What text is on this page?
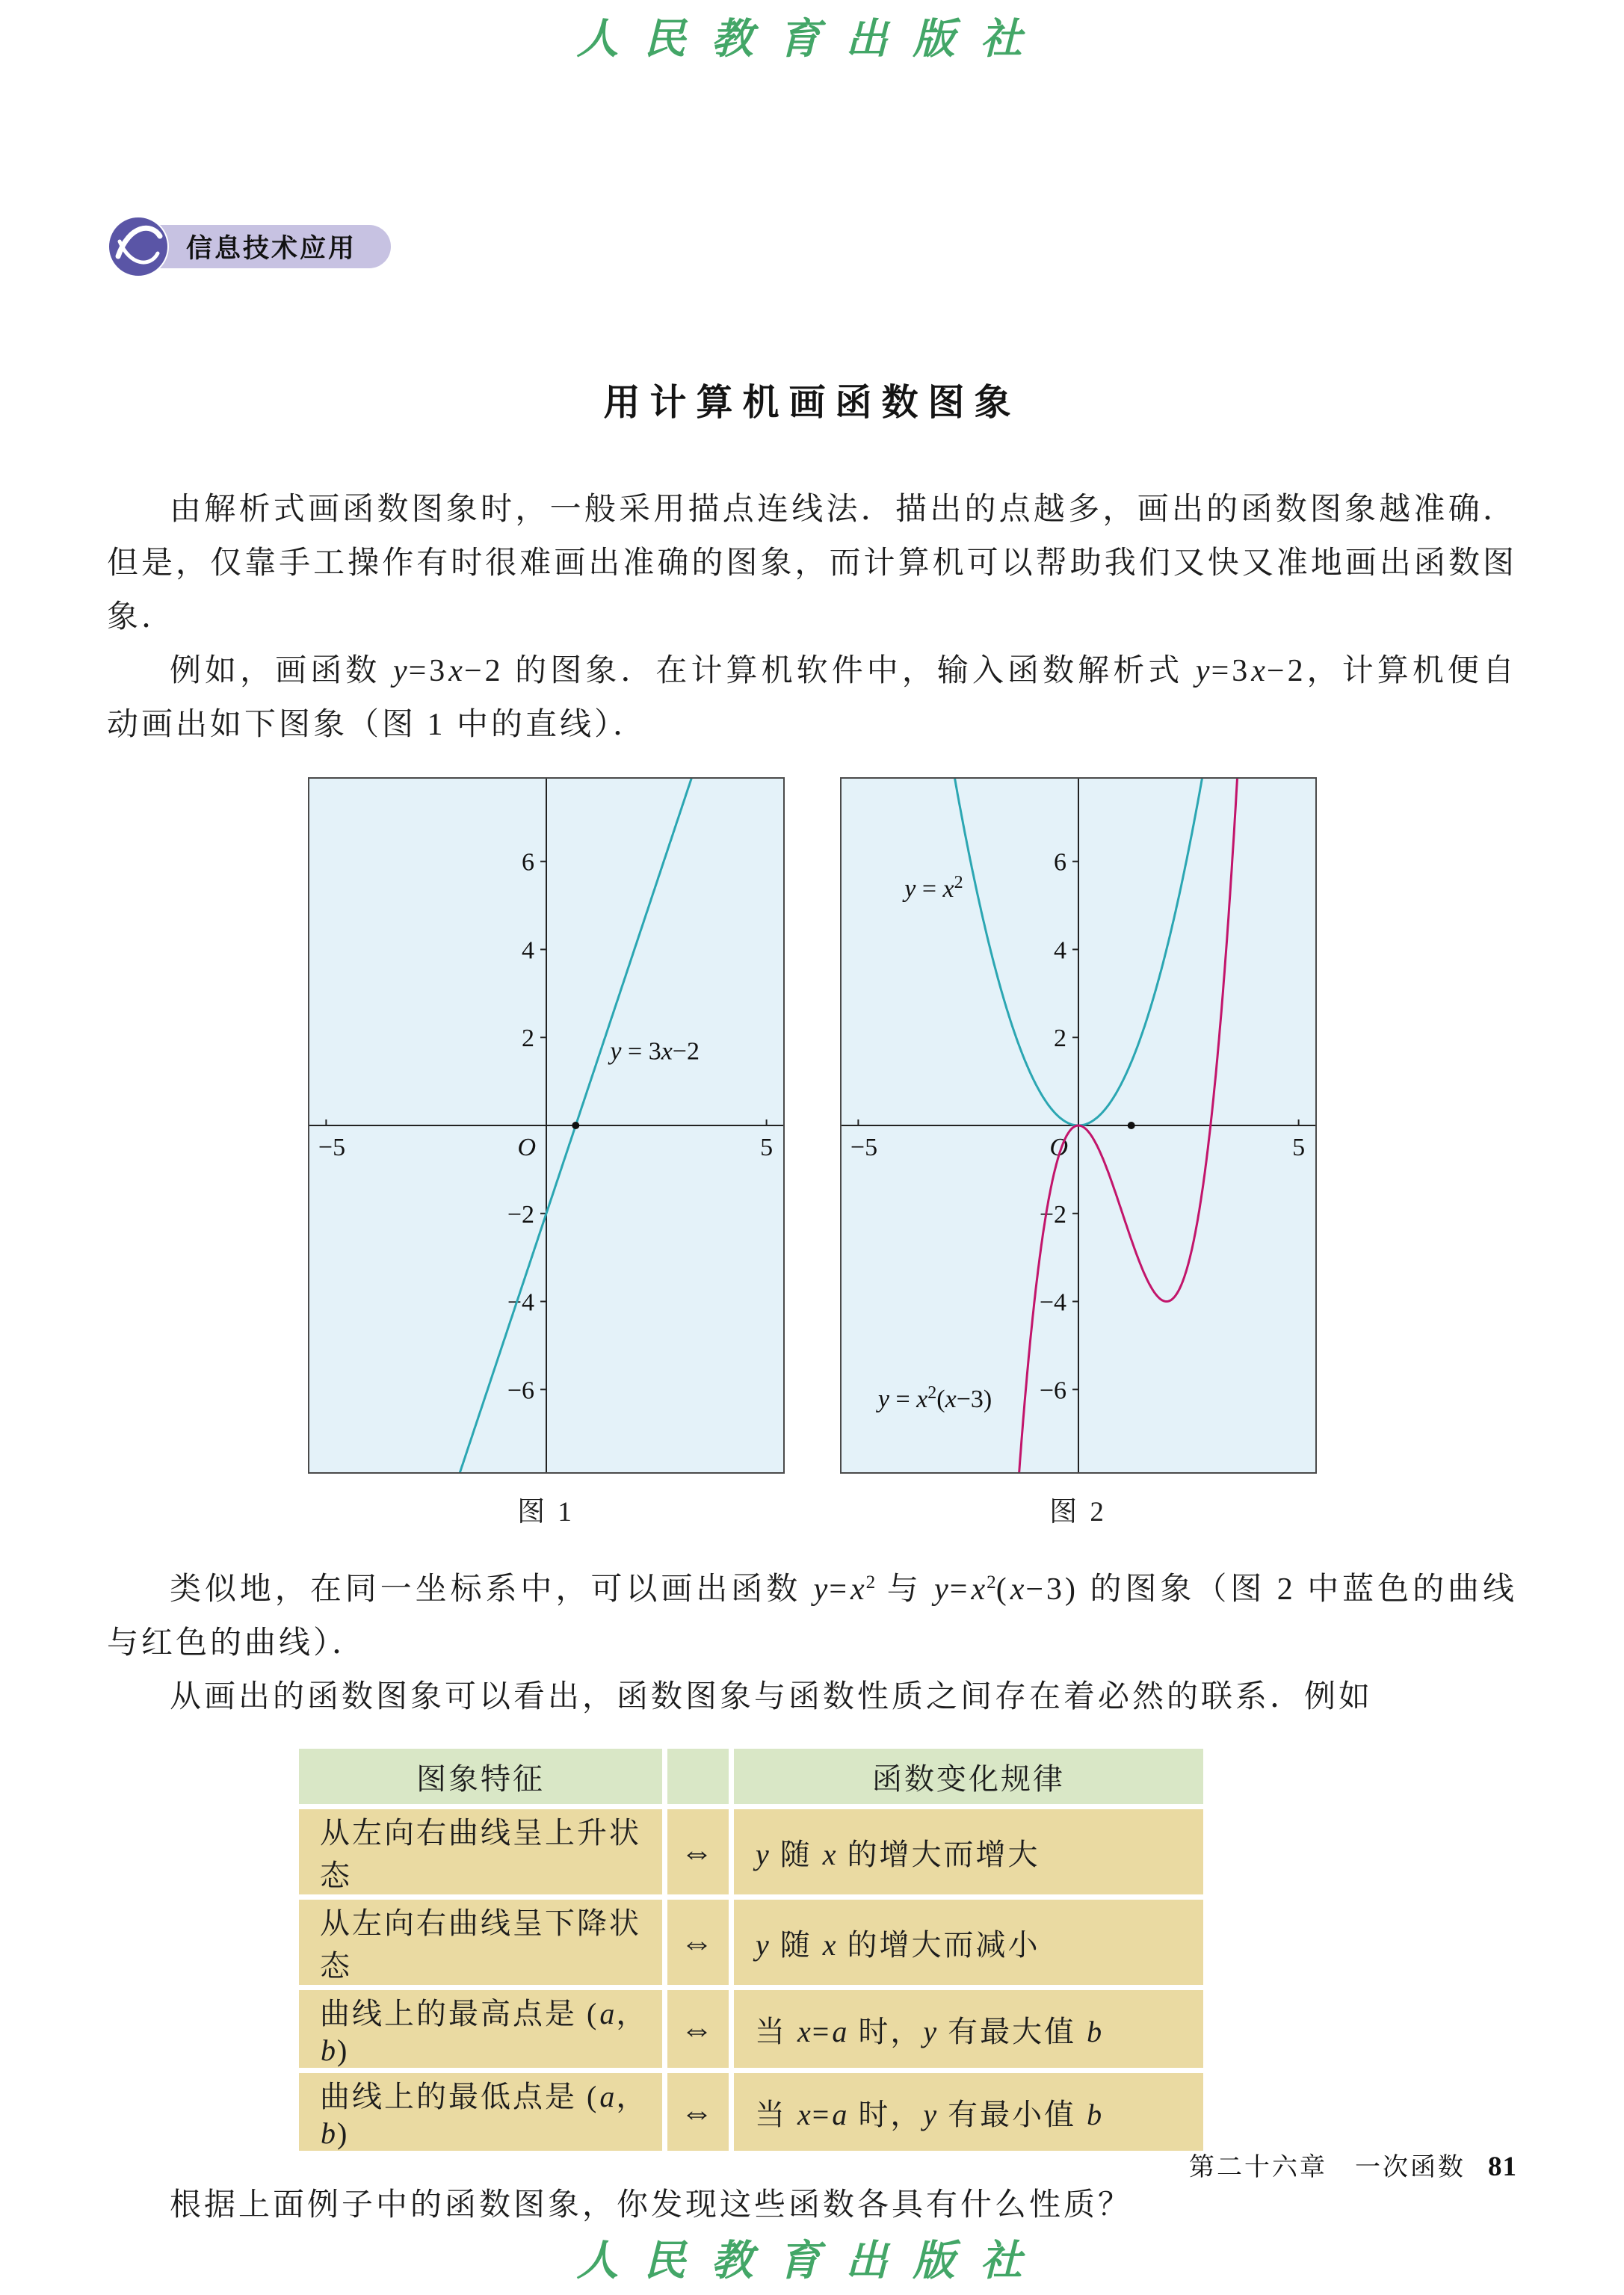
人民教育出版社
信息技术应用
用计算机画函数图象

由解析式画函数图象时，一般采用描点连线法．描出的点越多，画出的函数图象越准确．但是，仅靠手工操作有时很难画出准确的图象，而计算机可以帮助我们又快又准地画出函数图象．

例如，画函数 y=3x−2 的图象．在计算机软件中，输入函数解析式 y=3x−2，计算机便自动画出如下图象（图 1 中的直线）．

6
4
2
−2
−4
−6
−5	5
O
y = 3x−2
图 1
6
4
2
−2
−4
−6
−5	5
O
$y = x^2$
$y = x^2(x-3)$
图 2

类似地，在同一坐标系中，可以画出函数 $y=x^2$ 与 $y=x^2(x-3)$ 的图象（图 2 中蓝色的曲线与红色的曲线）．

从画出的函数图象可以看出，函数图象与函数性质之间存在着必然的联系．例如

图象特征		函数变化规律
从左向右曲线呈上升状态	⇔	y 随 x 的增大而增大
从左向右曲线呈下降状态	⇔	y 随 x 的增大而减小
曲线上的最高点是 (a，b)	⇔	当 x=a 时，y 有最大值 b
曲线上的最低点是 (a，b)	⇔	当 x=a 时，y 有最小值 b

根据上面例子中的函数图象，你发现这些函数各具有什么性质？

第二十六章　一次函数 81
人民教育出版社
